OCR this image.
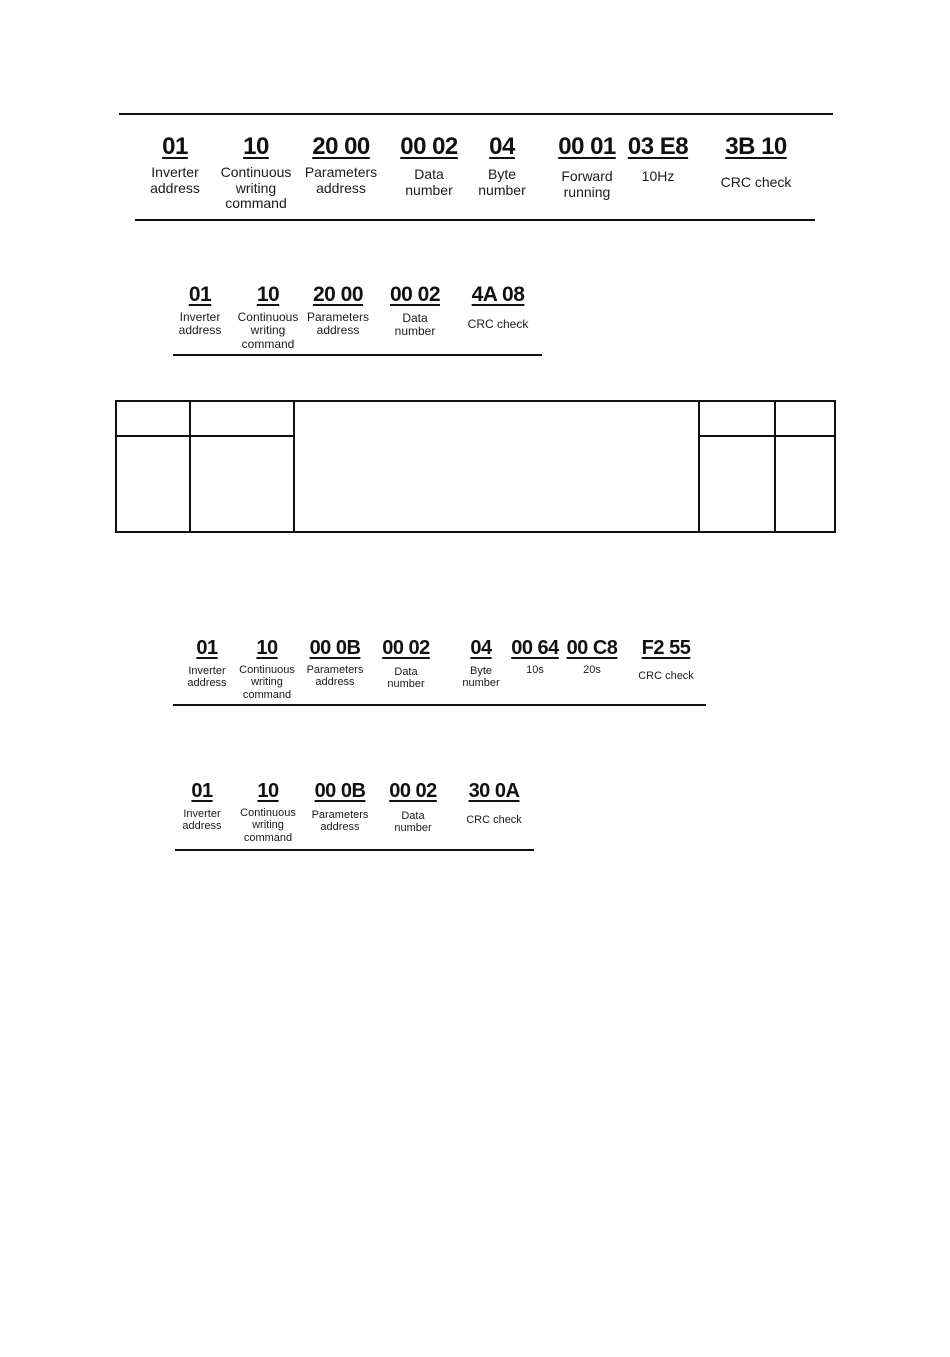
01
Inverter
address
10
Continuous
writing
command
20 00
Parameters
address
00 02
Data
number
04
Byte
number
00 01
Forward
running
03 E8
10Hz
3B 10
CRC check
01
Inverter
address
10
Continuous
writing
command
20 00
Parameters
address
00 02
Data
number
4A 08
CRC check
01
Inverter
address
10
Continuous
writing
command
00 0B
Parameters
address
00 02
Data
number
04
Byte
number
00 64
10s
00 C8
20s
F2 55
CRC check
01
Inverter
address
10
Continuous
writing
command
00 0B
Parameters
address
00 02
Data
number
30 0A
CRC check
